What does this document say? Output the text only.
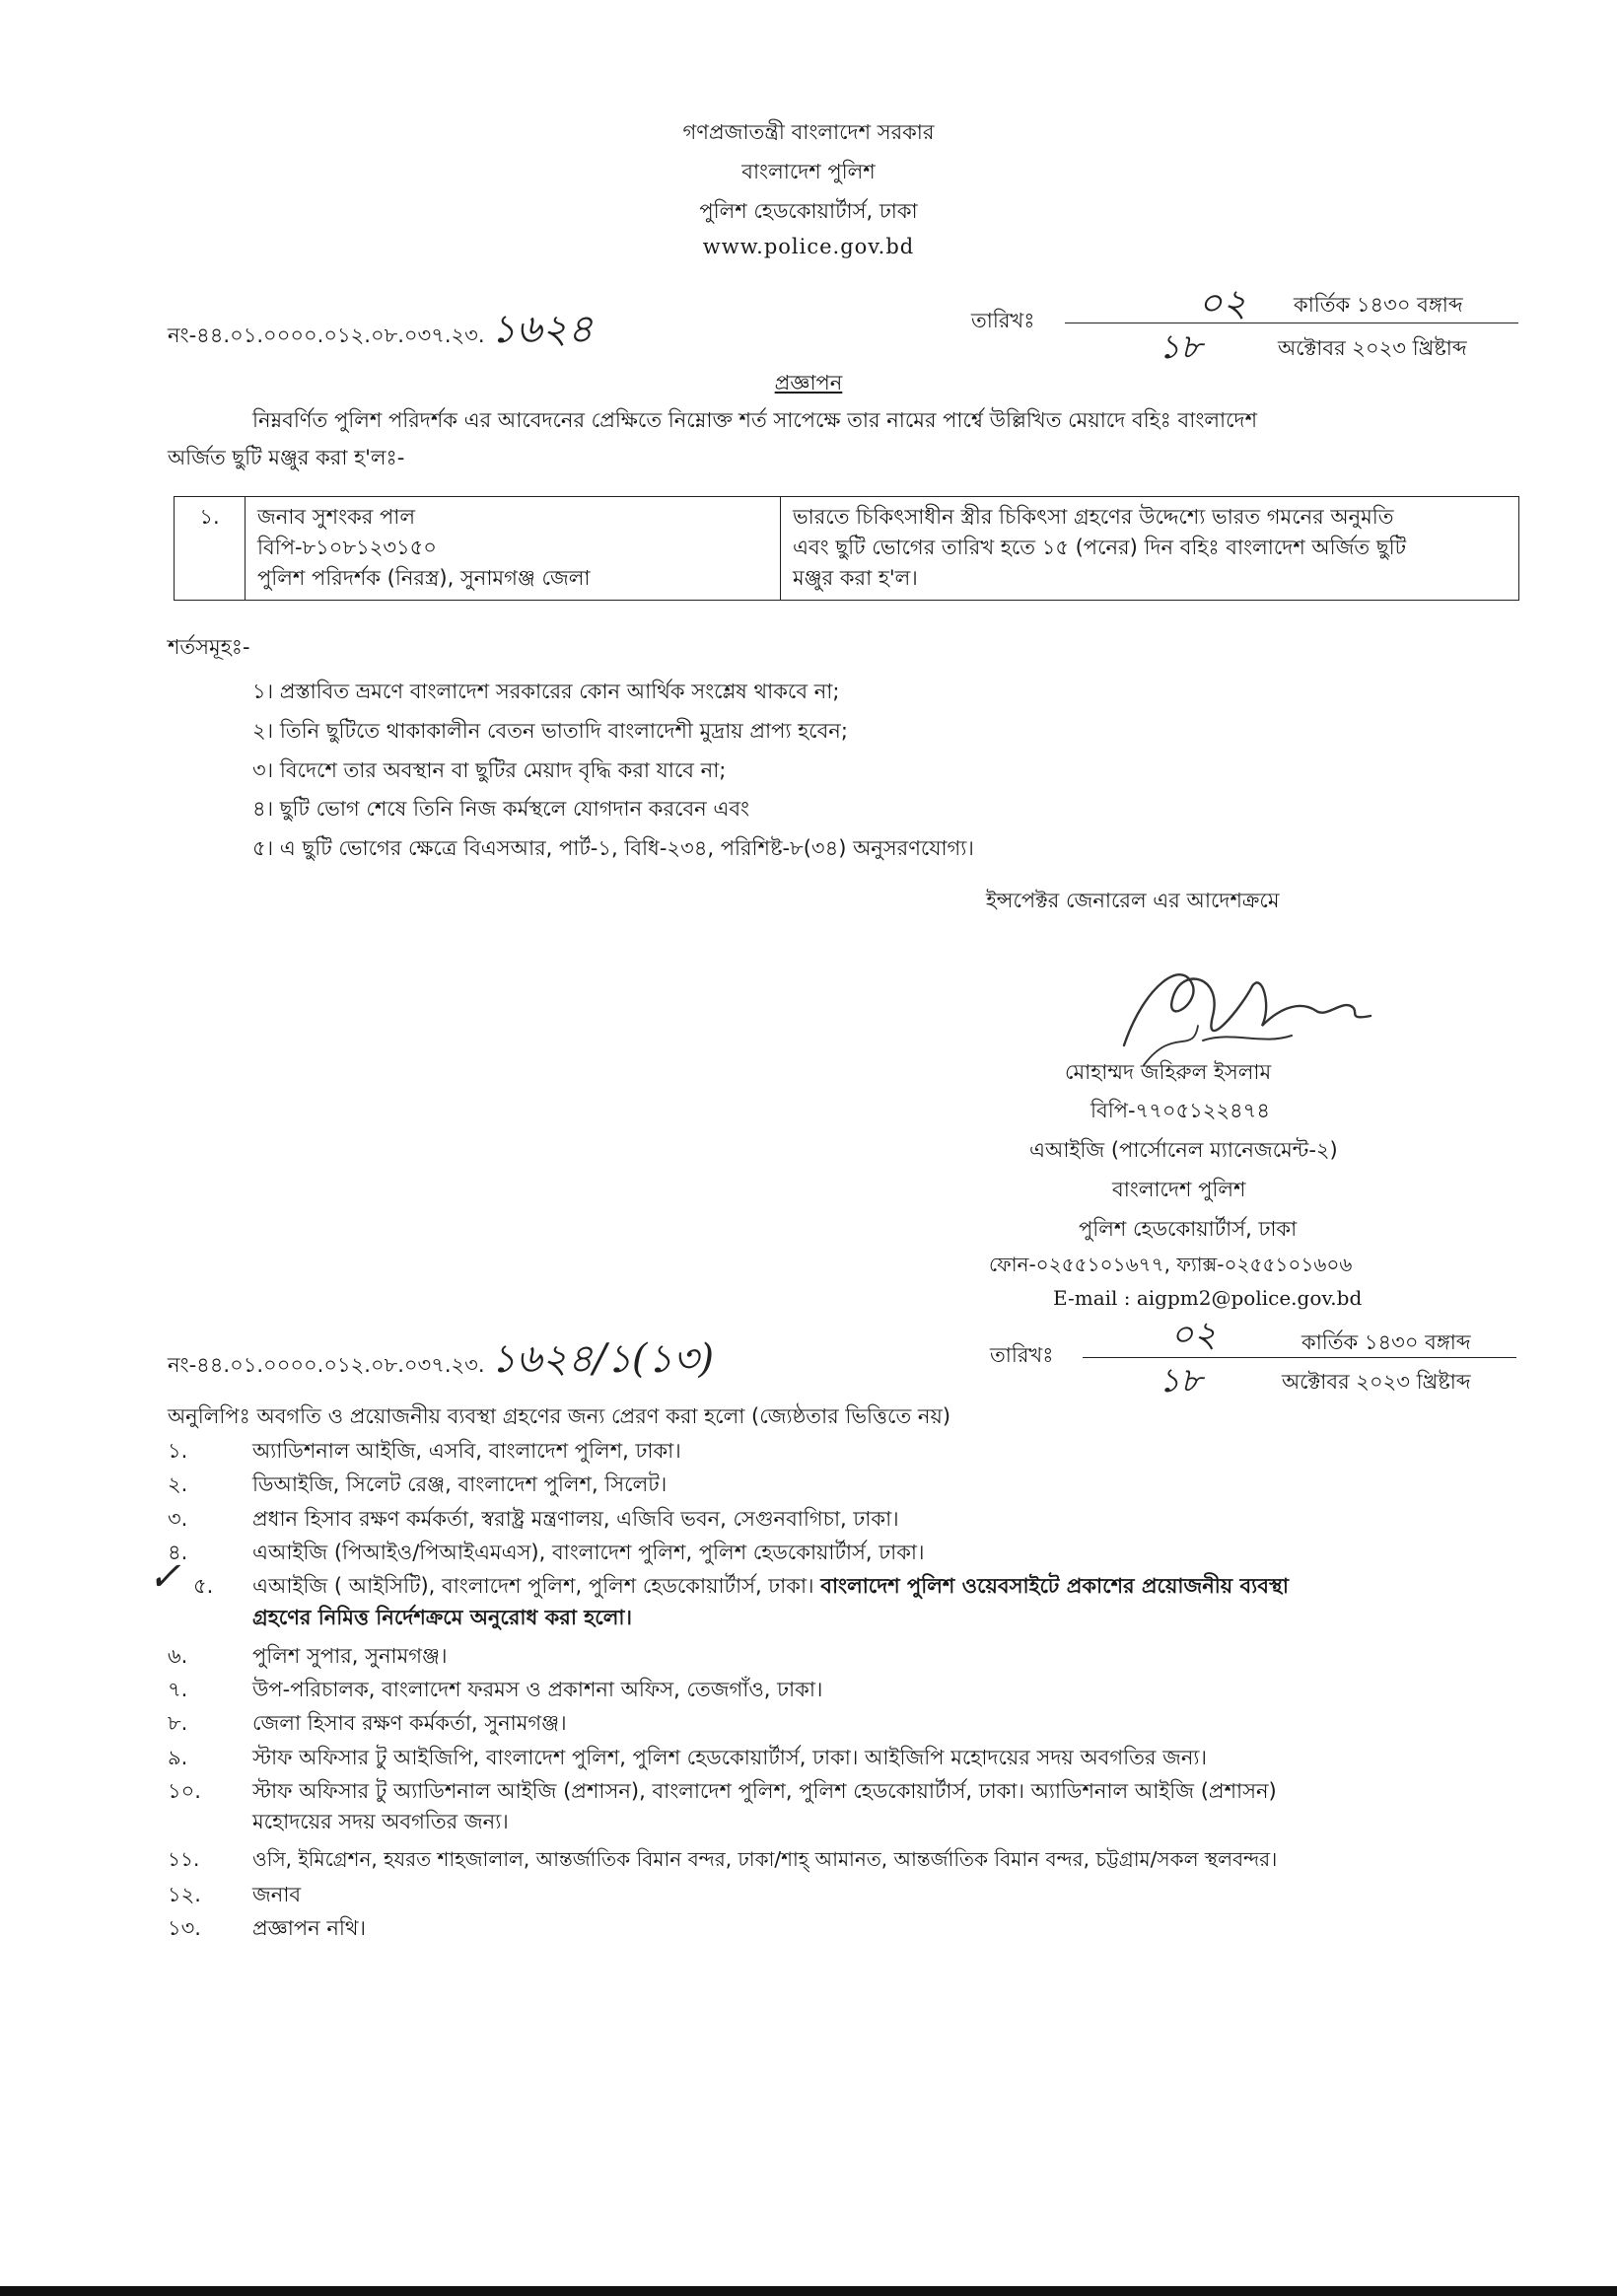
গণপ্রজাতন্ত্রী বাংলাদেশ সরকার
বাংলাদেশ পুলিশ
পুলিশ হেডকোয়ার্টার্স, ঢাকা
www.police.gov.bd
নং-৪৪.০১.০০০০.০১২.০৮.০৩৭.২৩. ১৬২৪	তারিখঃ	০২ কার্তিক ১৪৩০ বঙ্গাব্দ
১৮	অক্টোবর ২০২৩ খ্রিষ্টাব্দ
প্রজ্ঞাপন
নিম্নবর্ণিত পুলিশ পরিদর্শক এর আবেদনের প্রেক্ষিতে নিম্নোক্ত শর্ত সাপেক্ষে তার নামের পার্শ্বে উল্লিখিত মেয়াদে বহিঃ বাংলাদেশ
অর্জিত ছুটি মঞ্জুর করা হ'লঃ-
১.	জনাব সুশংকর পাল
বিপি-৮১০৮১২৩১৫০
পুলিশ পরিদর্শক (নিরস্ত্র), সুনামগঞ্জ জেলা

ভারতে চিকিৎসাধীন স্ত্রীর চিকিৎসা গ্রহণের উদ্দেশ্যে ভারত গমনের অনুমতি
এবং ছুটি ভোগের তারিখ হতে ১৫ (পনের) দিন বহিঃ বাংলাদেশ অর্জিত ছুটি
মঞ্জুর করা হ'ল।
শর্তসমূহঃ-
১। প্রস্তাবিত ভ্রমণে বাংলাদেশ সরকারের কোন আর্থিক সংশ্লেষ থাকবে না;
২। তিনি ছুটিতে থাকাকালীন বেতন ভাতাদি বাংলাদেশী মুদ্রায় প্রাপ্য হবেন;
৩। বিদেশে তার অবস্থান বা ছুটির মেয়াদ বৃদ্ধি করা যাবে না;
৪। ছুটি ভোগ শেষে তিনি নিজ কর্মস্থলে যোগদান করবেন এবং
৫। এ ছুটি ভোগের ক্ষেত্রে বিএসআর, পার্ট-১, বিধি-২৩৪, পরিশিষ্ট-৮(৩৪) অনুসরণযোগ্য।
ইন্সপেক্টর জেনারেল এর আদেশক্রমে
মোহাম্মদ জহিরুল ইসলাম
বিপি-৭৭০৫১২২৪৭৪
এআইজি (পার্সোনেল ম্যানেজমেন্ট-২)
বাংলাদেশ পুলিশ
পুলিশ হেডকোয়ার্টার্স, ঢাকা
ফোন-০২৫৫১০১৬৭৭, ফ্যাক্স-০২৫৫১০১৬০৬
E-mail : aigpm2@police.gov.bd
নং-৪৪.০১.০০০০.০১২.০৮.০৩৭.২৩. ১৬২৪/১(১৩)	তারিখঃ	০২	কার্তিক ১৪৩০ বঙ্গাব্দ
১৮	অক্টোবর ২০২৩ খ্রিষ্টাব্দ
অনুলিপিঃ অবগতি ও প্রয়োজনীয় ব্যবস্থা গ্রহণের জন্য প্রেরণ করা হলো (জ্যেষ্ঠতার ভিত্তিতে নয়)
১.	অ্যাডিশনাল আইজি, এসবি, বাংলাদেশ পুলিশ, ঢাকা।
২.	ডিআইজি, সিলেট রেঞ্জ, বাংলাদেশ পুলিশ, সিলেট।
৩.	প্রধান হিসাব রক্ষণ কর্মকর্তা, স্বরাষ্ট্র মন্ত্রণালয়, এজিবি ভবন, সেগুনবাগিচা, ঢাকা।
৪.	এআইজি (পিআইও/পিআইএমএস), বাংলাদেশ পুলিশ, পুলিশ হেডকোয়ার্টার্স, ঢাকা।
✓ ৫. এআইজি ( আইসিটি), বাংলাদেশ পুলিশ, পুলিশ হেডকোয়ার্টার্স, ঢাকা। বাংলাদেশ পুলিশ ওয়েবসাইটে প্রকাশের প্রয়োজনীয় ব্যবস্থা
গ্রহণের নিমিত্ত নির্দেশক্রমে অনুরোধ করা হলো।
৬.	পুলিশ সুপার, সুনামগঞ্জ।
৭.	উপ-পরিচালক, বাংলাদেশ ফরমস ও প্রকাশনা অফিস, তেজগাঁও, ঢাকা।
৮.	জেলা হিসাব রক্ষণ কর্মকর্তা, সুনামগঞ্জ।
৯.	স্টাফ অফিসার টু আইজিপি, বাংলাদেশ পুলিশ, পুলিশ হেডকোয়ার্টার্স, ঢাকা। আইজিপি মহোদয়ের সদয় অবগতির জন্য।
১০. স্টাফ অফিসার টু অ্যাডিশনাল আইজি (প্রশাসন), বাংলাদেশ পুলিশ, পুলিশ হেডকোয়ার্টার্স, ঢাকা। অ্যাডিশনাল আইজি (প্রশাসন)
মহোদয়ের সদয় অবগতির জন্য।
১১.	ওসি, ইমিগ্রেশন, হযরত শাহজালাল, আন্তর্জাতিক বিমান বন্দর, ঢাকা/শাহ্‌ আমানত, আন্তর্জাতিক বিমান বন্দর, চট্টগ্রাম/সকল স্থলবন্দর।
১২. জনাব
১৩. প্রজ্ঞাপন নথি।
